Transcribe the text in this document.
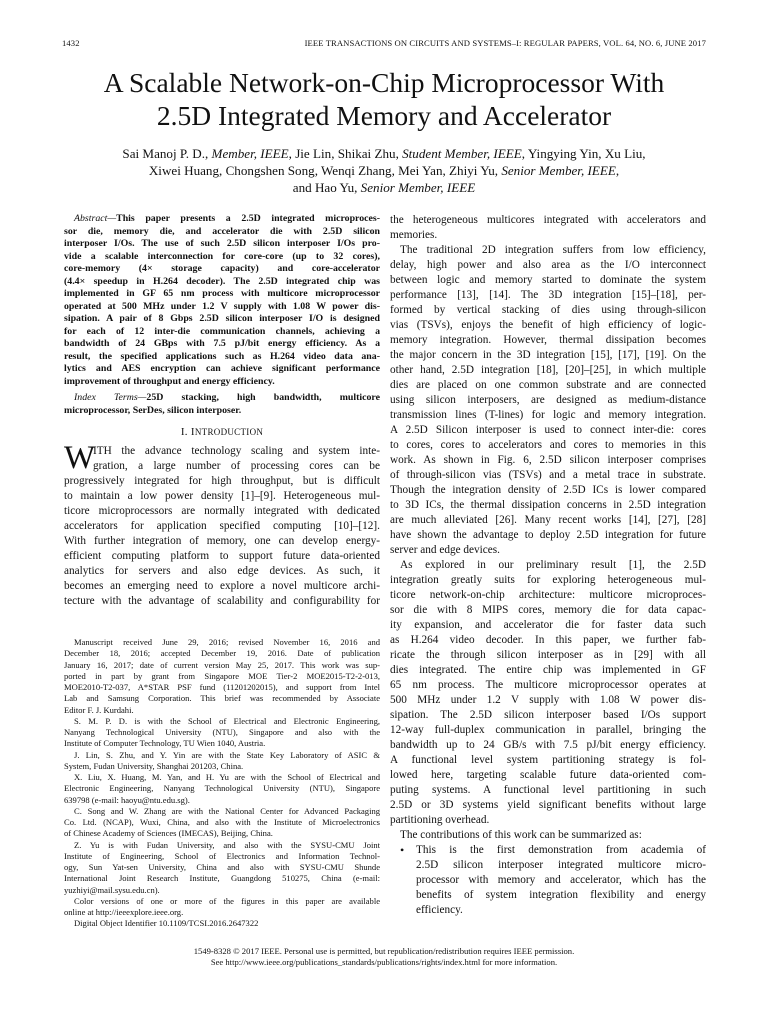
1432	IEEE TRANSACTIONS ON CIRCUITS AND SYSTEMS–I: REGULAR PAPERS, VOL. 64, NO. 6, JUNE 2017
A Scalable Network-on-Chip Microprocessor With
2.5D Integrated Memory and Accelerator
Sai Manoj P. D., Member, IEEE, Jie Lin, Shikai Zhu, Student Member, IEEE, Yingying Yin, Xu Liu,
Xiwei Huang, Chongshen Song, Wenqi Zhang, Mei Yan, Zhiyi Yu, Senior Member, IEEE,
and Hao Yu, Senior Member, IEEE
Abstract—This paper presents a 2.5D integrated microproces-
sor die, memory die, and accelerator die with 2.5D silicon
interposer I/Os. The use of such 2.5D silicon interposer I/Os pro-
vide a scalable interconnection for core-core (up to 32 cores),
core-memory (4× storage capacity) and core-accelerator
(4.4× speedup in H.264 decoder). The 2.5D integrated chip was
implemented in GF 65 nm process with multicore microprocessor
operated at 500 MHz under 1.2 V supply with 1.08 W power dis-
sipation. A pair of 8 Gbps 2.5D silicon interposer I/O is designed
for each of 12 inter-die communication channels, achieving a
bandwidth of 24 GBps with 7.5 pJ/bit energy efficiency. As a
result, the specified applications such as H.264 video data ana-
lytics and AES encryption can achieve significant performance
improvement of throughput and energy efficiency.
Index Terms—25D stacking, high bandwidth, multicore
microprocessor, SerDes, silicon interposer.
I. INTRODUCTION
W
ITH the advance technology scaling and system inte-
gration, a large number of processing cores can be
progressively integrated for high throughput, but is difficult
to maintain a low power density [1]–[9]. Heterogeneous mul-
ticore microprocessors are normally integrated with dedicated
accelerators for application specified computing [10]–[12].
With further integration of memory, one can develop energy-
efficient computing platform to support future data-oriented
analytics for servers and also edge devices. As such, it
becomes an emerging need to explore a novel multicore archi-
tecture with the advantage of scalability and configurability for
Manuscript received June 29, 2016; revised November 16, 2016 and
December 18, 2016; accepted December 19, 2016. Date of publication
January 16, 2017; date of current version May 25, 2017. This work was sup-
ported in part by grant from Singapore MOE Tier-2 MOE2015-T2-2-013,
MOE2010-T2-037, A*STAR PSF fund (11201202015), and support from Intel
Lab and Samsung Corporation. This brief was recommended by Associate
Editor F. J. Kurdahi.
S. M. P. D. is with the School of Electrical and Electronic Engineering,
Nanyang Technological University (NTU), Singapore and also with the
Institute of Computer Technology, TU Wien 1040, Austria.
J. Lin, S. Zhu, and Y. Yin are with the State Key Laboratory of ASIC &
System, Fudan University, Shanghai 201203, China.
X. Liu, X. Huang, M. Yan, and H. Yu are with the School of Electrical and
Electronic Engineering, Nanyang Technological University (NTU), Singapore
639798 (e-mail: haoyu@ntu.edu.sg).
C. Song and W. Zhang are with the National Center for Advanced Packaging
Co. Ltd. (NCAP), Wuxi, China, and also with the Institute of Microelectronics
of Chinese Academy of Sciences (IMECAS), Beijing, China.
Z. Yu is with Fudan University, and also with the SYSU-CMU Joint
Institute of Engineering, School of Electronics and Information Technol-
ogy, Sun Yat-sen University, China and also with SYSU-CMU Shunde
International Joint Research Institute, Guangdong 510275, China (e-mail:
yuzhiyi@mail.sysu.edu.cn).
Color versions of one or more of the figures in this paper are available
online at http://ieeexplore.ieee.org.
Digital Object Identifier 10.1109/TCSI.2016.2647322
the heterogeneous multicores integrated with accelerators and
memories.
The traditional 2D integration suffers from low efficiency,
delay, high power and also area as the I/O interconnect
between logic and memory started to dominate the system
performance [13], [14]. The 3D integration [15]–[18], per-
formed by vertical stacking of dies using through-silicon
vias (TSVs), enjoys the benefit of high efficiency of logic-
memory integration. However, thermal dissipation becomes
the major concern in the 3D integration [15], [17], [19]. On the
other hand, 2.5D integration [18], [20]–[25], in which multiple
dies are placed on one common substrate and are connected
using silicon interposers, are designed as medium-distance
transmission lines (T-lines) for logic and memory integration.
A 2.5D Silicon interposer is used to connect inter-die: cores
to cores, cores to accelerators and cores to memories in this
work. As shown in Fig. 6, 2.5D silicon interposer comprises
of through-silicon vias (TSVs) and a metal trace in substrate.
Though the integration density of 2.5D ICs is lower compared
to 3D ICs, the thermal dissipation concerns in 2.5D integration
are much alleviated [26]. Many recent works [14], [27], [28]
have shown the advantage to deploy 2.5D integration for future
server and edge devices.
As explored in our preliminary result [1], the 2.5D
integration greatly suits for exploring heterogeneous mul-
ticore network-on-chip architecture: multicore microproces-
sor die with 8 MIPS cores, memory die for data capac-
ity expansion, and accelerator die for faster data such
as H.264 video decoder. In this paper, we further fab-
ricate the through silicon interposer as in [29] with all
dies integrated. The entire chip was implemented in GF
65 nm process. The multicore microprocessor operates at
500 MHz under 1.2 V supply with 1.08 W power dis-
sipation. The 2.5D silicon interposer based I/Os support
12-way full-duplex communication in parallel, bringing the
bandwidth up to 24 GB/s with 7.5 pJ/bit energy efficiency.
A functional level system partitioning strategy is fol-
lowed here, targeting scalable future data-oriented com-
puting systems. A functional level partitioning in such
2.5D or 3D systems yield significant benefits without large
partitioning overhead.
The contributions of this work can be summarized as:
• This is the first demonstration from academia of
2.5D silicon interposer integrated multicore micro-
processor with memory and accelerator, which has the
benefits of system integration flexibility and energy
efficiency.
1549-8328 © 2017 IEEE. Personal use is permitted, but republication/redistribution requires IEEE permission.
See http://www.ieee.org/publications_standards/publications/rights/index.html for more information.
